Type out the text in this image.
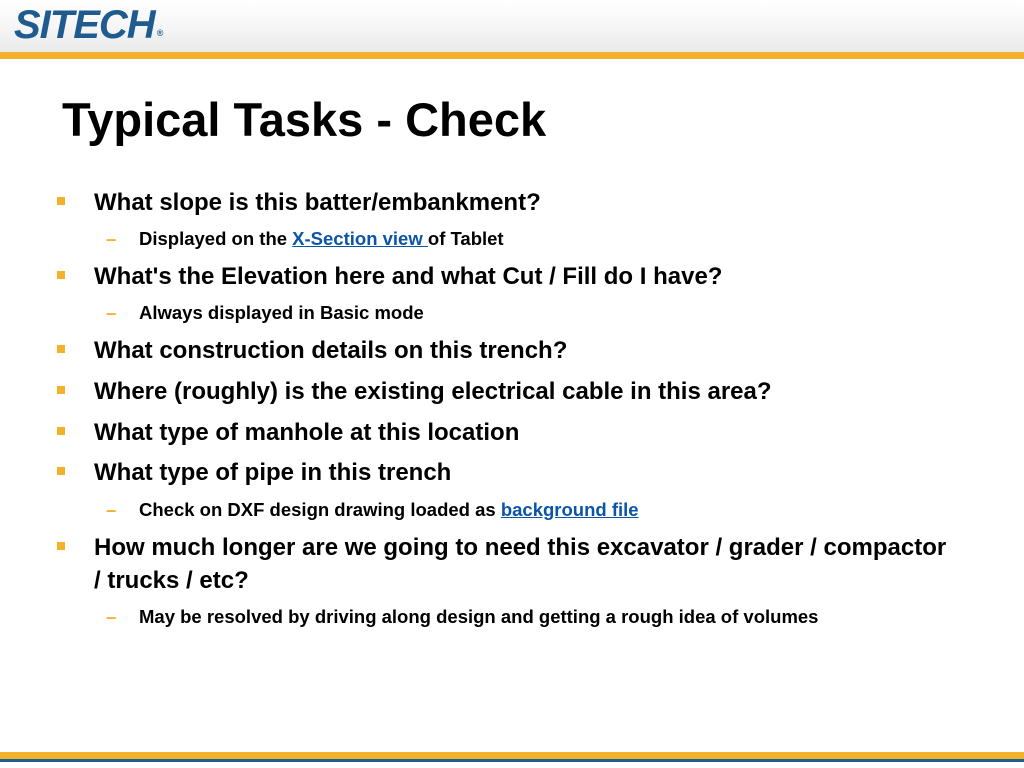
SITECH ®
Typical Tasks - Check

What slope is this batter/embankment?

– Displayed on the X-Section view of Tablet

What's the Elevation here and what Cut / Fill do I have?

– Always displayed in Basic mode

What construction details on this trench?

Where (roughly) is the existing electrical cable in this area?

What type of manhole at this location

What type of pipe in this trench

– Check on DXF design drawing loaded as background file

How much longer are we going to need this excavator / grader / compactor / trucks / etc?

– May be resolved by driving along design and getting a rough idea of volumes
